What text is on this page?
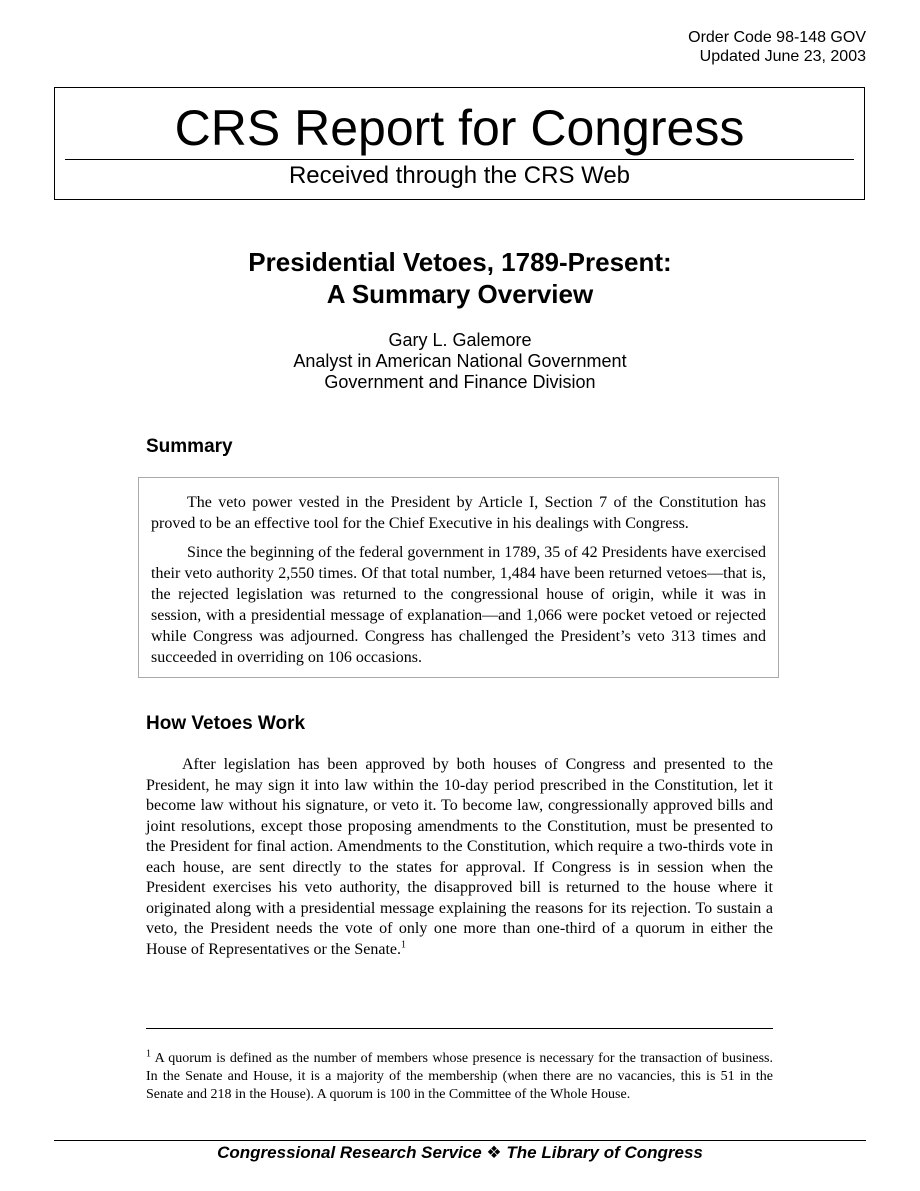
Order Code 98-148 GOV
Updated June 23, 2003
CRS Report for Congress
Received through the CRS Web
Presidential Vetoes, 1789-Present:
A Summary Overview
Gary L. Galemore
Analyst in American National Government
Government and Finance Division
Summary

The veto power vested in the President by Article I, Section 7 of the Constitution has proved to be an effective tool for the Chief Executive in his dealings with Congress.

Since the beginning of the federal government in 1789, 35 of 42 Presidents have exercised their veto authority 2,550 times. Of that total number, 1,484 have been returned vetoes—that is, the rejected legislation was returned to the congressional house of origin, while it was in session, with a presidential message of explanation—and 1,066 were pocket vetoed or rejected while Congress was adjourned. Congress has challenged the President’s veto 313 times and succeeded in overriding on 106 occasions.

How Vetoes Work

After legislation has been approved by both houses of Congress and presented to the President, he may sign it into law within the 10-day period prescribed in the Constitution, let it become law without his signature, or veto it. To become law, congressionally approved bills and joint resolutions, except those proposing amendments to the Constitution, must be presented to the President for final action. Amendments to the Constitution, which require a two-thirds vote in each house, are sent directly to the states for approval. If Congress is in session when the President exercises his veto authority, the disapproved bill is returned to the house where it originated along with a presidential message explaining the reasons for its rejection. To sustain a veto, the President needs the vote of only one more than one-third of a quorum in either the House of Representatives or the Senate.$^1$

$^1$ A quorum is defined as the number of members whose presence is necessary for the transaction of business. In the Senate and House, it is a majority of the membership (when there are no vacancies, this is 51 in the Senate and 218 in the House). A quorum is 100 in the Committee of the Whole House.

Congressional Research Service ❖ The Library of Congress
